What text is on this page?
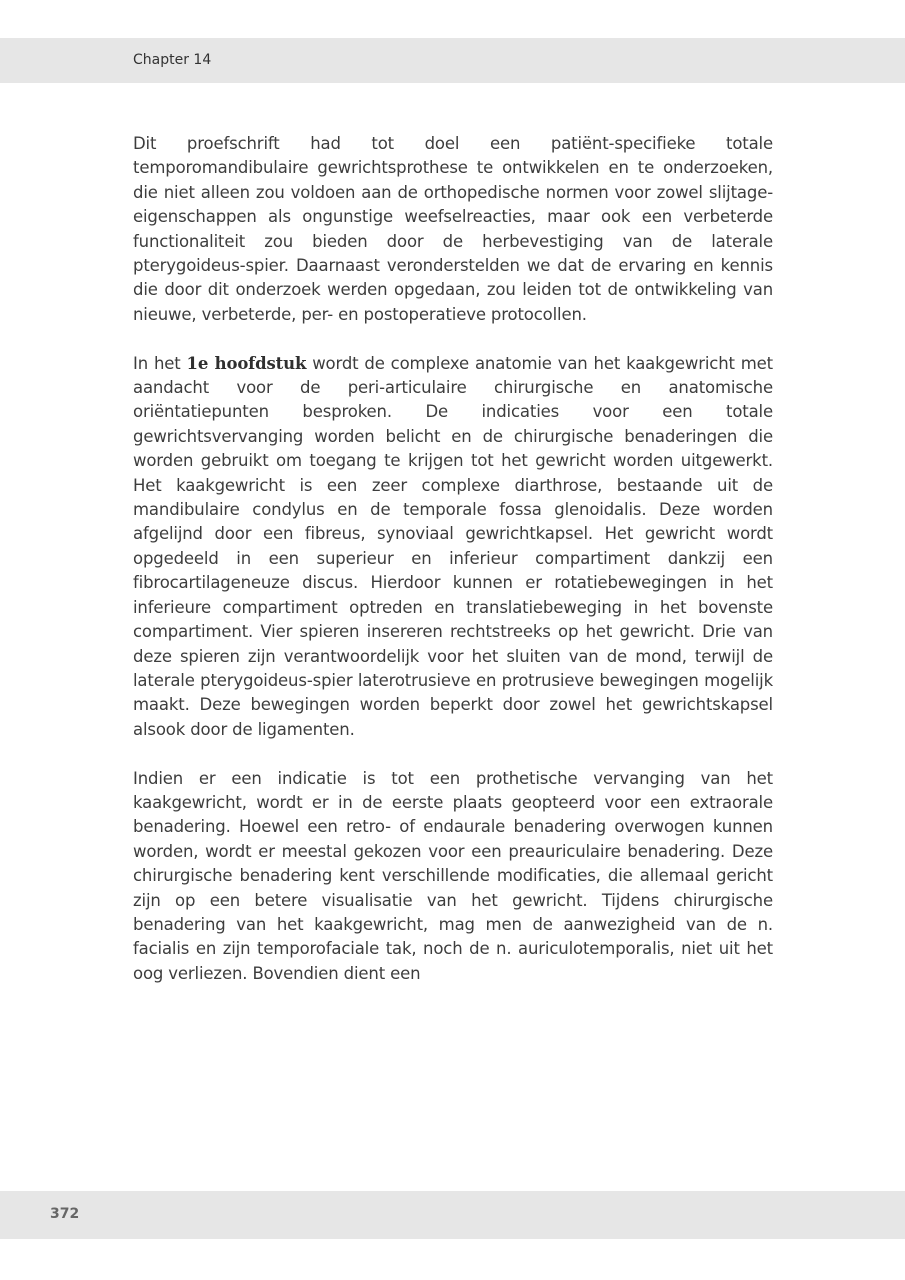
Chapter 14

Dit proefschrift had tot doel een patiënt-specifieke totale temporomandibulaire gewrichtsprothese te ontwikkelen en te onderzoeken, die niet alleen zou voldoen aan de orthopedische normen voor zowel slijtage-eigenschappen als ongunstige weefselreacties, maar ook een verbeterde functionaliteit zou bieden door de herbevestiging van de laterale pterygoideus-spier. Daarnaast veronderstelden we dat de ervaring en kennis die door dit onderzoek werden opgedaan, zou leiden tot de ontwikkeling van nieuwe, verbeterde, per- en postoperatieve protocollen.

In het 1e hoofdstuk wordt de complexe anatomie van het kaakgewricht met aandacht voor de peri-articulaire chirurgische en anatomische oriëntatiepunten besproken. De indicaties voor een totale gewrichtsvervanging worden belicht en de chirurgische benaderingen die worden gebruikt om toegang te krijgen tot het gewricht worden uitgewerkt. Het kaakgewricht is een zeer complexe diarthrose, bestaande uit de mandibulaire condylus en de temporale fossa glenoidalis. Deze worden afgelijnd door een fibreus, synoviaal gewrichtkapsel. Het gewricht wordt opgedeeld in een superieur en inferieur compartiment dankzij een fibrocartilageneuze discus. Hierdoor kunnen er rotatiebewegingen in het inferieure compartiment optreden en translatiebeweging in het bovenste compartiment. Vier spieren insereren rechtstreeks op het gewricht. Drie van deze spieren zijn verantwoordelijk voor het sluiten van de mond, terwijl de laterale pterygoideus-spier laterotrusieve en protrusieve bewegingen mogelijk maakt. Deze bewegingen worden beperkt door zowel het gewrichtskapsel alsook door de ligamenten.

Indien er een indicatie is tot een prothetische vervanging van het kaakgewricht, wordt er in de eerste plaats geopteerd voor een extraorale benadering. Hoewel een retro- of endaurale benadering overwogen kunnen worden, wordt er meestal gekozen voor een preauriculaire benadering. Deze chirurgische benadering kent verschillende modificaties, die allemaal gericht zijn op een betere visualisatie van het gewricht. Tijdens chirurgische benadering van het kaakgewricht, mag men de aanwezigheid van de n. facialis en zijn temporofaciale tak, noch de n. auriculotemporalis, niet uit het oog verliezen. Bovendien dient een

372
